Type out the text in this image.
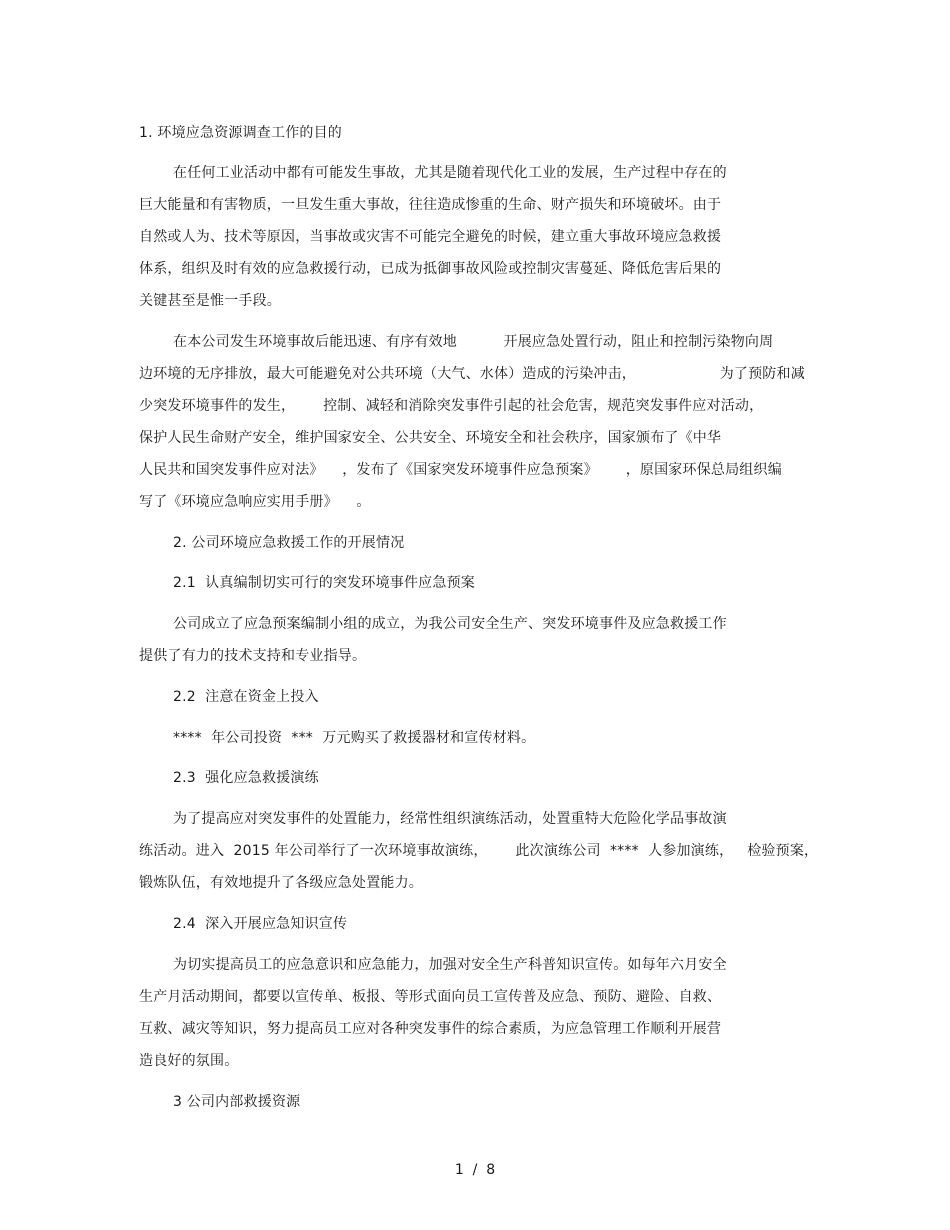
1. 环境应急资源调查工作的目的
在任何工业活动中都有可能发生事故，尤其是随着现代化工业的发展，生产过程中存在的
巨大能量和有害物质，一旦发生重大事故，往往造成惨重的生命、财产损失和环境破坏。由于
自然或人为、技术等原因，当事故或灾害不可能完全避免的时候，建立重大事故环境应急救援
体系，组织及时有效的应急救援行动，已成为抵御事故风险或控制灾害蔓延、降低危害后果的
关键甚至是惟一手段。
在本公司发生环境事故后能迅速、有序有效地          开展应急处置行动，阻止和控制污染物向周
边环境的无序排放，最大可能避免对公共环境（大气、水体）造成的污染冲击，                  为了预防和减
少突发环境事件的发生，      控制、减轻和消除突发事件引起的社会危害，规范突发事件应对活动，
保护人民生命财产安全，维护国家安全、公共安全、环境安全和社会秩序，国家颁布了《中华
人民共和国突发事件应对法》    ，发布了《国家突发环境事件应急预案》      ，原国家环保总局组织编
写了《环境应急响应实用手册》    。
2. 公司环境应急救援工作的开展情况
2.1  认真编制切实可行的突发环境事件应急预案
公司成立了应急预案编制小组的成立，为我公司安全生产、突发环境事件及应急救援工作
提供了有力的技术支持和专业指导。
2.2  注意在资金上投入
****  年公司投资  ***  万元购买了救援器材和宣传材料。
2.3  强化应急救援演练
为了提高应对突发事件的处置能力，经常性组织演练活动，处置重特大危险化学品事故演
练活动。进入  2015 年公司举行了一次环境事故演练，      此次演练公司  ****  人参加演练，   检验预案，
锻炼队伍，有效地提升了各级应急处置能力。
2.4  深入开展应急知识宣传
为切实提高员工的应急意识和应急能力，加强对安全生产科普知识宣传。如每年六月安全
生产月活动期间，都要以宣传单、板报、等形式面向员工宣传普及应急、预防、避险、自救、
互救、减灾等知识，努力提高员工应对各种突发事件的综合素质，为应急管理工作顺利开展营
造良好的氛围。
3 公司内部救援资源
1  /  8
